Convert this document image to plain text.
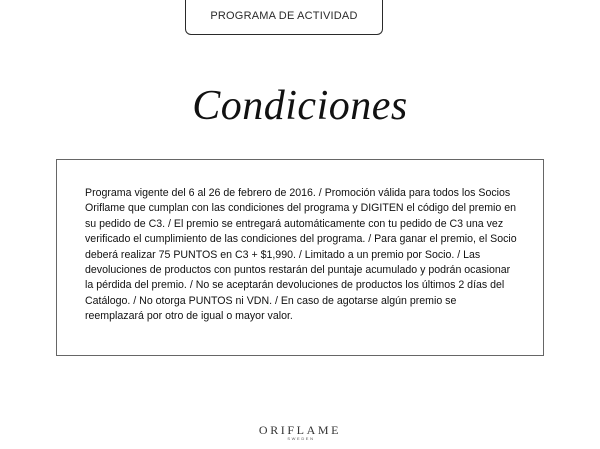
PROGRAMA DE ACTIVIDAD
Condiciones

Programa vigente del 6 al 26 de febrero de 2016. / Promoción válida para todos los Socios Oriflame que cumplan con las condiciones del programa y DIGITEN el código del premio en su pedido de C3. / El premio se entregará automáticamente con tu pedido de C3 una vez verificado el cumplimiento de las condiciones del programa. / Para ganar el premio, el Socio deberá realizar 75 PUNTOS en C3 + $1,990. / Limitado a un premio por Socio. / Las devoluciones de productos con puntos restarán del puntaje acumulado y podrán ocasionar la pérdida del premio. / No se aceptarán devoluciones de productos los últimos 2 días del Catálogo. / No otorga PUNTOS ni VDN. / En caso de agotarse algún premio se reemplazará por otro de igual o mayor valor.

ORIFLAME
SWEDEN
